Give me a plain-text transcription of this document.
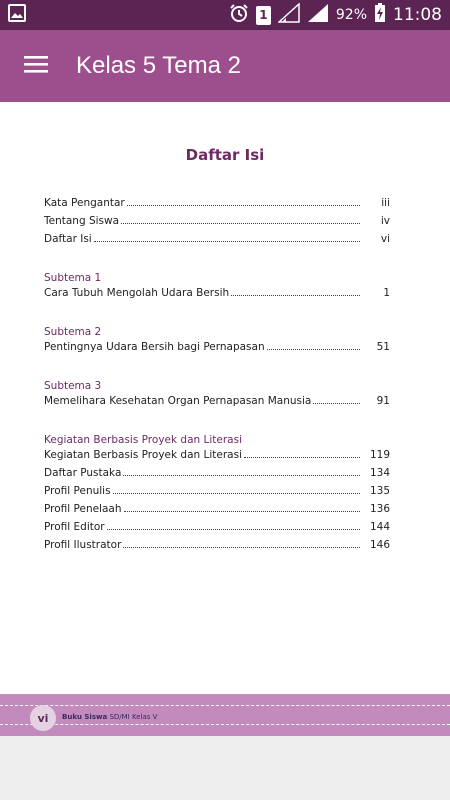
1	92% 11:08
Kelas 5 Tema 2
Daftar Isi
Kata Pengantar	iii
Tentang Siswa	iv
Daftar Isi	vi
Subtema 1
Cara Tubuh Mengolah Udara Bersih	1
Subtema 2
Pentingnya Udara Bersih bagi Pernapasan	51
Subtema 3
Memelihara Kesehatan Organ Pernapasan Manusia	91
Kegiatan Berbasis Proyek dan Literasi
Kegiatan Berbasis Proyek dan Literasi	119
Daftar Pustaka	134
Profil Penulis	135
Profil Penelaah	136
Profil Editor	144
Profil Ilustrator	146
vi	Buku Siswa SD/MI Kelas V
